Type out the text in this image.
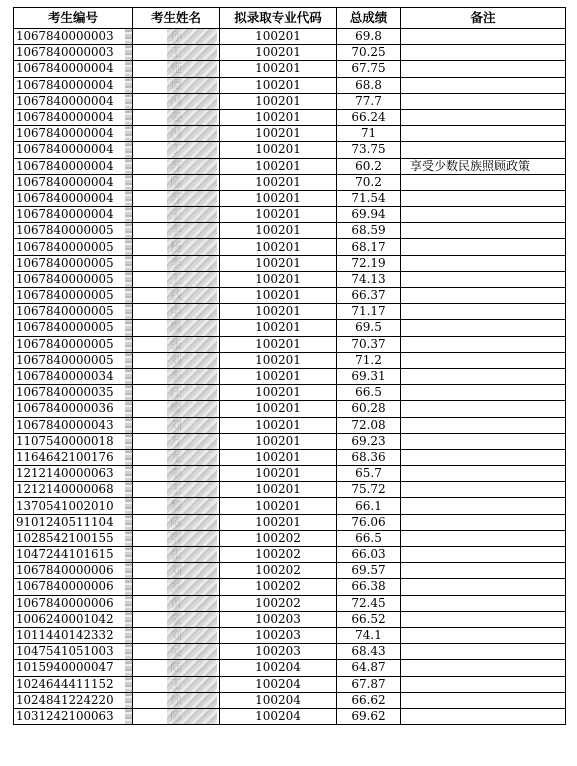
考生编号	考生姓名	拟录取专业代码	总成绩	备注
1067840000003		100201	69.8	
1067840000003		100201	70.25	
1067840000004		100201	67.75	
1067840000004		100201	68.8	
1067840000004		100201	77.7	
1067840000004		100201	66.24	
1067840000004		100201	71	
1067840000004		100201	73.75	
1067840000004		100201	60.2	享受少数民族照顾政策
1067840000004		100201	70.2	
1067840000004		100201	71.54	
1067840000004		100201	69.94	
1067840000005		100201	68.59	
1067840000005		100201	68.17	
1067840000005		100201	72.19	
1067840000005		100201	74.13	
1067840000005		100201	66.37	
1067840000005		100201	71.17	
1067840000005		100201	69.5	
1067840000005		100201	70.37	
1067840000005		100201	71.2	
1067840000034		100201	69.31	
1067840000035		100201	66.5	
1067840000036		100201	60.28	
1067840000043		100201	72.08	
1107540000018		100201	69.23	
1164642100176		100201	68.36	
1212140000063		100201	65.7	
1212140000068		100201	75.72	
1370541002010		100201	66.1	
9101240511104		100201	76.06	
1028542100155		100202	66.5	
1047244101615		100202	66.03	
1067840000006		100202	69.57	
1067840000006		100202	66.38	
1067840000006		100202	72.45	
1006240001042		100203	66.52	
1011440142332		100203	74.1	
1047541051003		100203	68.43	
1015940000047		100204	64.87	
1024644411152		100204	67.87	
1024841224220		100204	66.62	
1031242100063		100204	69.62	
